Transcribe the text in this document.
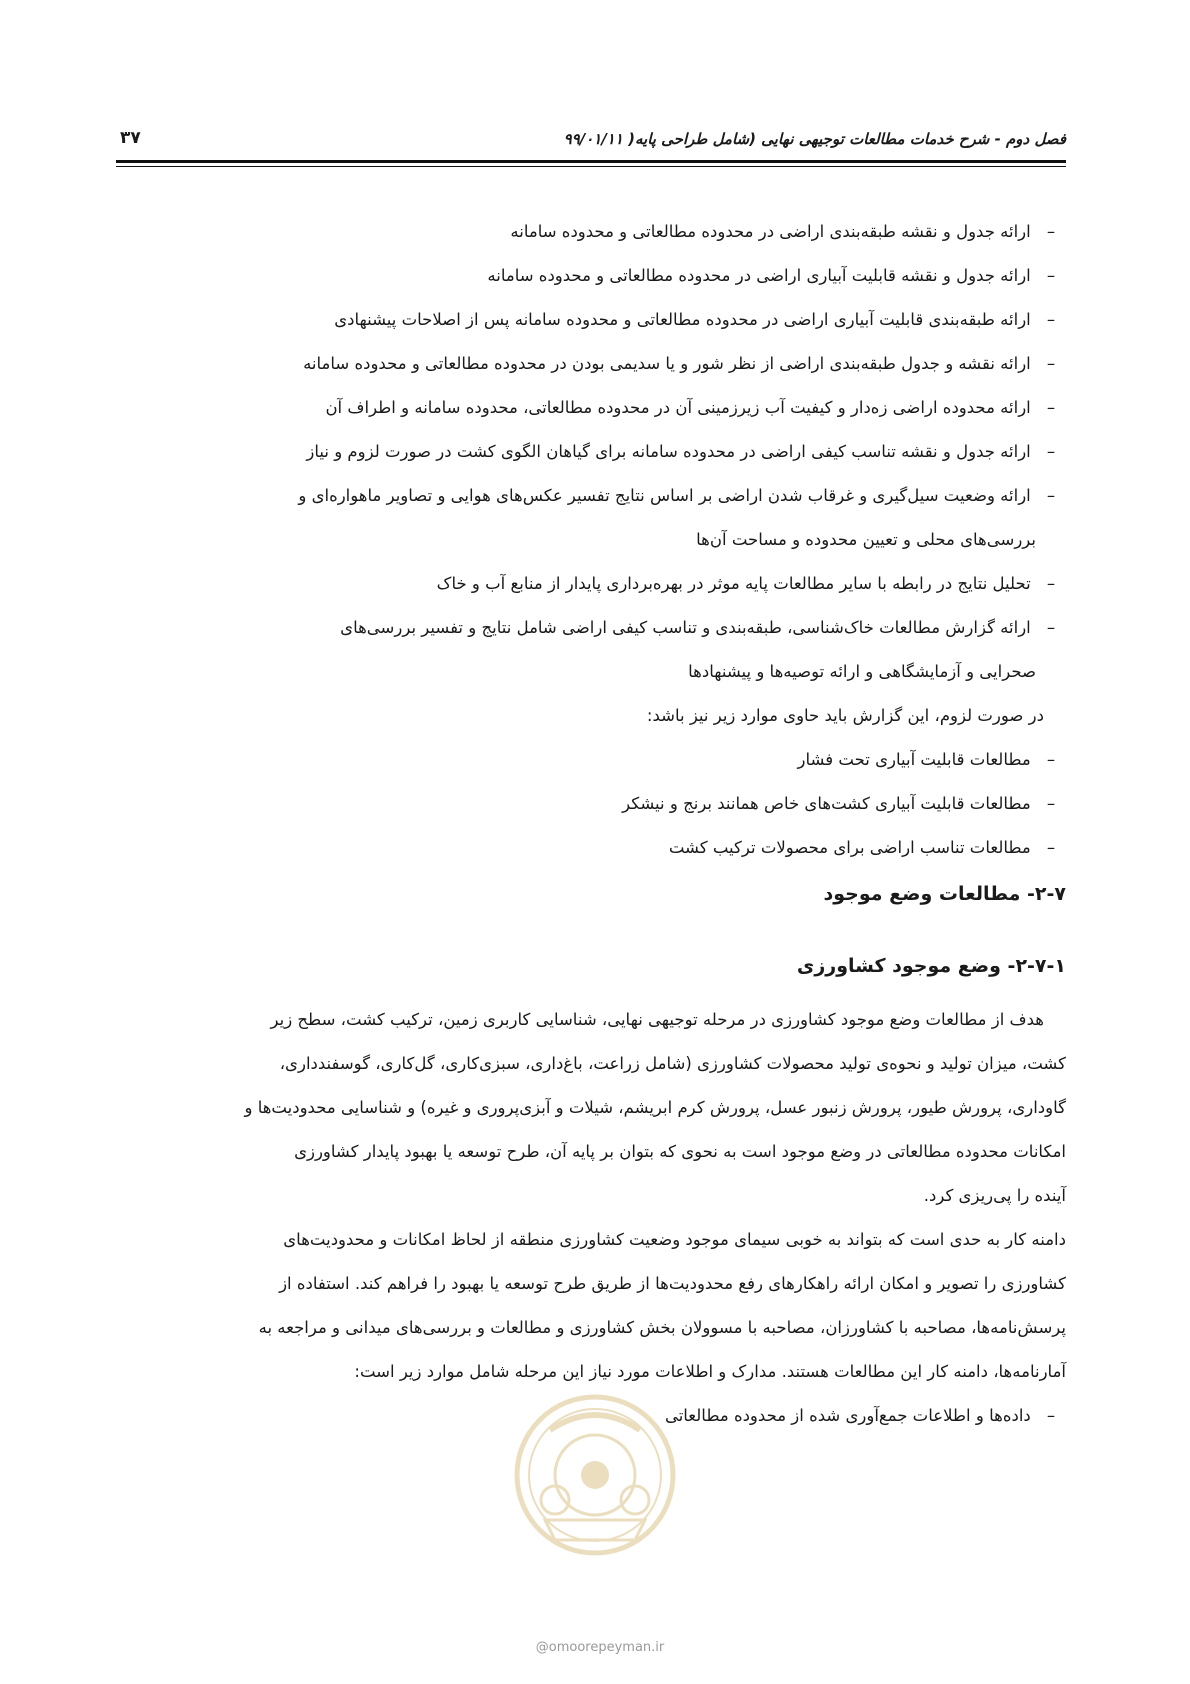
فصل دوم - شرح خدمات مطالعات توجیهی نهایی (شامل طراحی پایه( ۹۹/۰۱/۱۱
۳۷
– ارائه جدول و نقشه طبقه‌بندی اراضی در محدوده مطالعاتی و محدوده سامانه
– ارائه جدول و نقشه قابلیت آبیاری اراضی در محدوده مطالعاتی و محدوده سامانه
– ارائه طبقه‌بندی قابلیت آبیاری اراضی در محدوده مطالعاتی و محدوده سامانه پس از اصلاحات پیشنهادی
– ارائه نقشه و جدول طبقه‌بندی اراضی از نظر شور و یا سدیمی بودن در محدوده مطالعاتی و محدوده سامانه
– ارائه محدوده اراضی زه‌دار و کیفیت آب زیرزمینی آن در محدوده مطالعاتی، محدوده سامانه و اطراف آن
– ارائه جدول و نقشه تناسب کیفی اراضی در محدوده سامانه برای گیاهان الگوی کشت در صورت لزوم و نیاز
– ارائه وضعیت سیل‌گیری و غرقاب شدن اراضی بر اساس نتایج تفسیر عکس‌های هوایی و تصاویر ماهواره‌ای و
بررسی‌های محلی و تعیین محدوده و مساحت آن‌ها
– تحلیل نتایج در رابطه با سایر مطالعات پایه موثر در بهره‌برداری پایدار از منابع آب و خاک
– ارائه گزارش مطالعات خاک‌شناسی، طبقه‌بندی و تناسب کیفی اراضی شامل نتایج و تفسیر بررسی‌های
صحرایی و آزمایشگاهی و ارائه توصیه‌ها و پیشنهادها
در صورت لزوم، این گزارش باید حاوی موارد زیر نیز باشد:
– مطالعات قابلیت آبیاری تحت فشار
– مطالعات قابلیت آبیاری کشت‌های خاص همانند برنج و نیشکر
– مطالعات تناسب اراضی برای محصولات ترکیب کشت
۲-۷- مطالعات وضع موجود
۲-۷-۱- وضع موجود کشاورزی
هدف از مطالعات وضع موجود کشاورزی در مرحله توجیهی نهایی، شناسایی کاربری زمین، ترکیب کشت، سطح زیر
کشت، میزان تولید و نحوه‌ی تولید محصولات کشاورزی (شامل زراعت، باغ‌داری، سبزی‌کاری، گل‌کاری، گوسفندداری،
گاوداری، پرورش طیور، پرورش زنبور عسل، پرورش کرم ابریشم، شیلات و آبزی‌پروری و غیره) و شناسایی محدودیت‌ها و
امکانات محدوده مطالعاتی در وضع موجود است به نحوی که بتوان بر پایه آن، طرح توسعه یا بهبود پایدار کشاورزی
آینده را پی‌ریزی کرد.
دامنه کار به حدی است که بتواند به خوبی سیمای موجود وضعیت کشاورزی منطقه از لحاظ امکانات و محدودیت‌های
کشاورزی را تصویر و امکان ارائه راهکارهای رفع محدودیت‌ها از طریق طرح توسعه یا بهبود را فراهم کند. استفاده از
پرسش‌نامه‌ها، مصاحبه با کشاورزان، مصاحبه با مسوولان بخش کشاورزی و مطالعات و بررسی‌های میدانی و مراجعه به
آمارنامه‌ها، دامنه کار این مطالعات هستند. مدارک و اطلاعات مورد نیاز این مرحله شامل موارد زیر است:
– داده‌ها و اطلاعات جمع‌آوری شده از محدوده مطالعاتی
@omoorepeyman.ir
